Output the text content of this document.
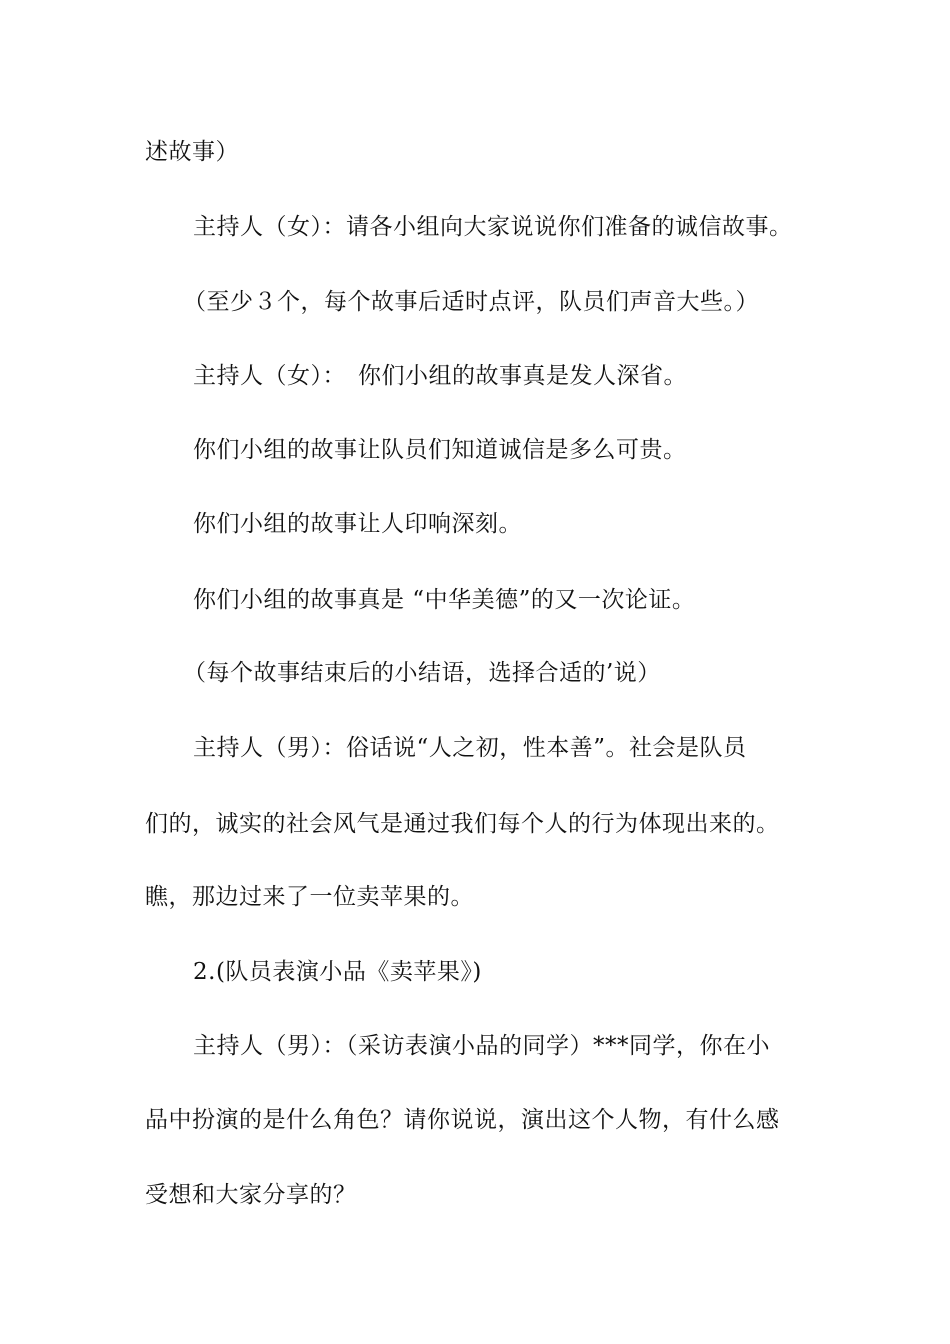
述故事）
主持人（女）：请各小组向大家说说你们准备的诚信故事。
（至少３个，每个故事后适时点评，队员们声音大些。）
主持人（女）：　你们小组的故事真是发人深省。
你们小组的故事让队员们知道诚信是多么可贵。
你们小组的故事让人印响深刻。
你们小组的故事真是 “中华美德”的又一次论证。
（每个故事结束后的小结语，选择合适的’说）
主持人（男）：俗话说“人之初，性本善”。社会是队员
们的，诚实的社会风气是通过我们每个人的行为体现出来的。
瞧，那边过来了一位卖苹果的。
2.(队员表演小品《卖苹果》)
主持人（男）：（采访表演小品的同学）***同学，你在小
品中扮演的是什么角色？请你说说，演出这个人物，有什么感
受想和大家分享的？
